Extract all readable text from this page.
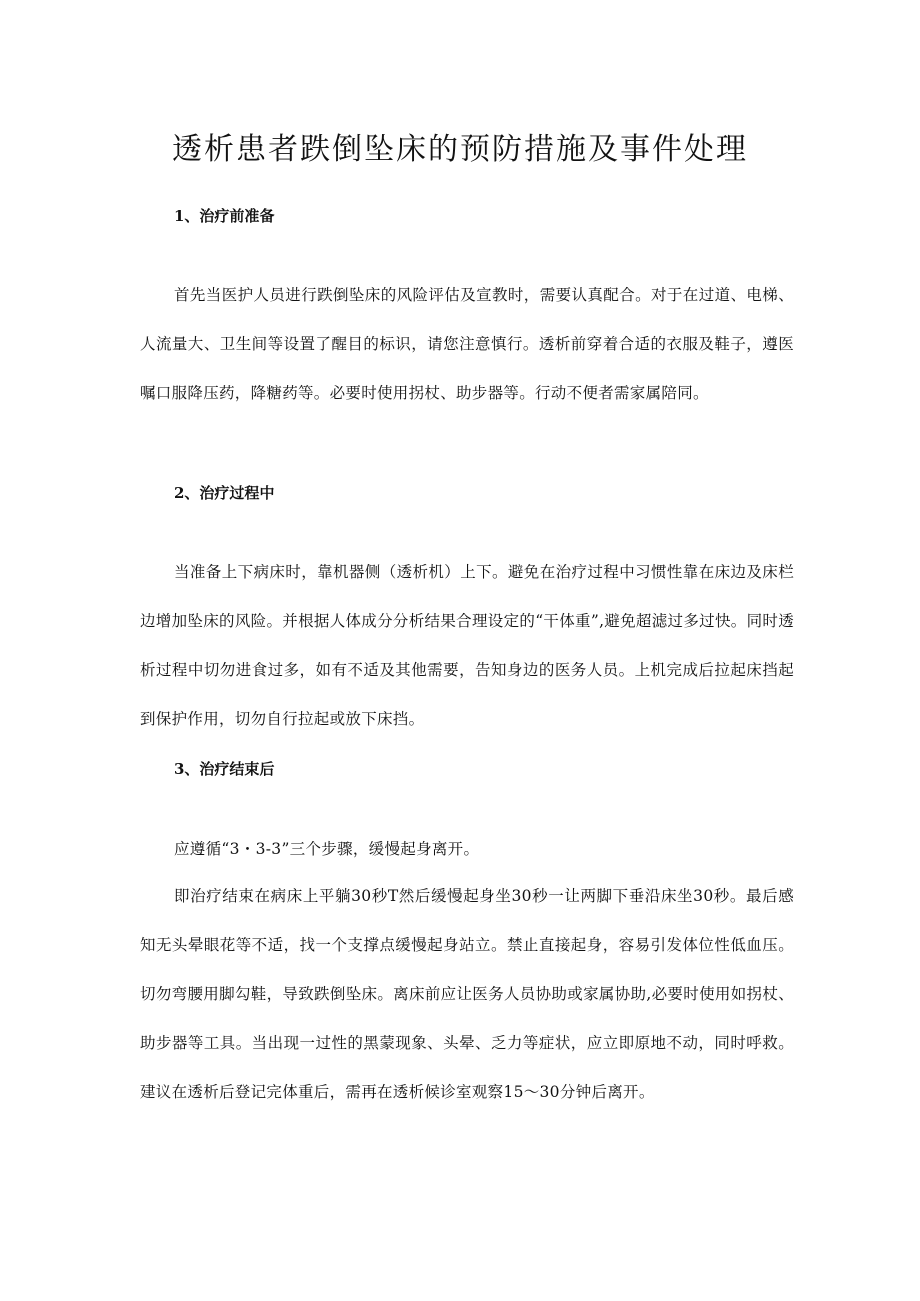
透析患者跌倒坠床的预防措施及事件处理
1、治疗前准备

首先当医护人员进行跌倒坠床的风险评估及宣教时，需要认真配合。对于在过道、电梯、人流量大、卫生间等设置了醒目的标识，请您注意慎行。透析前穿着合适的衣服及鞋子，遵医嘱口服降压药，降糖药等。必要时使用拐杖、助步器等。行动不便者需家属陪同。

2、治疗过程中

当准备上下病床时，靠机器侧（透析机）上下。避免在治疗过程中习惯性靠在床边及床栏边增加坠床的风险。并根据人体成分分析结果合理设定的“干体重”,避免超滤过多过快。同时透析过程中切勿进食过多，如有不适及其他需要，告知身边的医务人员。上机完成后拉起床挡起到保护作用，切勿自行拉起或放下床挡。

3、治疗结束后

应遵循“3・3-3”三个步骤，缓慢起身离开。

即治疗结束在病床上平躺30秒T然后缓慢起身坐30秒一让两脚下垂沿床坐30秒。最后感知无头晕眼花等不适，找一个支撑点缓慢起身站立。禁止直接起身，容易引发体位性低血压。切勿弯腰用脚勾鞋，导致跌倒坠床。离床前应让医务人员协助或家属协助,必要时使用如拐杖、助步器等工具。当出现一过性的黑蒙现象、头晕、乏力等症状，应立即原地不动，同时呼救。建议在透析后登记完体重后，需再在透析候诊室观察15～30分钟后离开。
